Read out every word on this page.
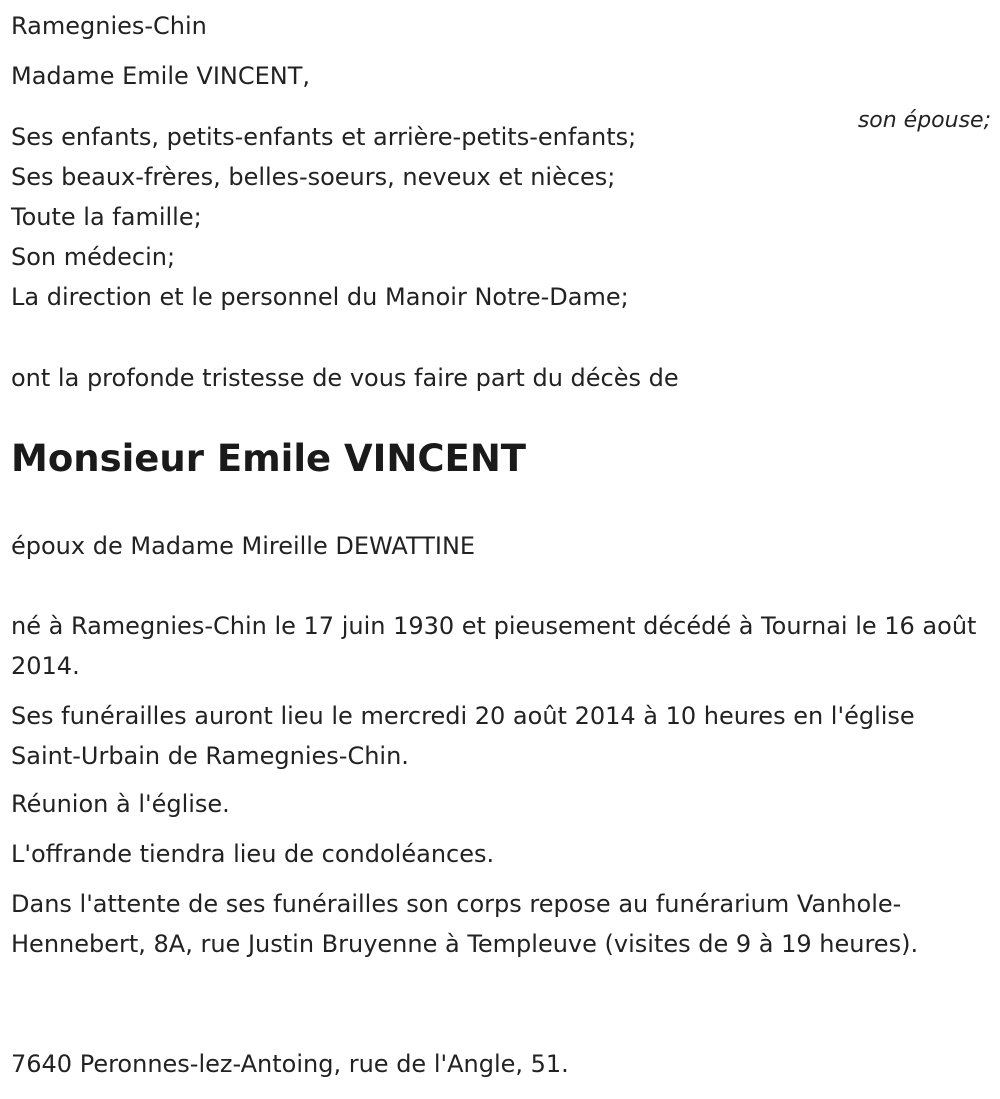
Ramegnies-Chin

Madame Emile VINCENT,

son épouse;

Ses enfants, petits-enfants et arrière-petits-enfants;
Ses beaux-frères, belles-soeurs, neveux et nièces;
Toute la famille;
Son médecin;
La direction et le personnel du Manoir Notre-Dame;

ont la profonde tristesse de vous faire part du décès de

Monsieur Emile VINCENT

époux de Madame Mireille DEWATTINE

né à Ramegnies-Chin le 17 juin 1930 et pieusement décédé à Tournai le 16 août 2014.

Ses funérailles auront lieu le mercredi 20 août 2014 à 10 heures en l'église Saint-Urbain de Ramegnies-Chin.

Réunion à l'église.

L'offrande tiendra lieu de condoléances.

Dans l'attente de ses funérailles son corps repose au funérarium Vanhole-Hennebert, 8A, rue Justin Bruyenne à Templeuve (visites de 9 à 19 heures).

7640 Peronnes-lez-Antoing, rue de l'Angle, 51.
